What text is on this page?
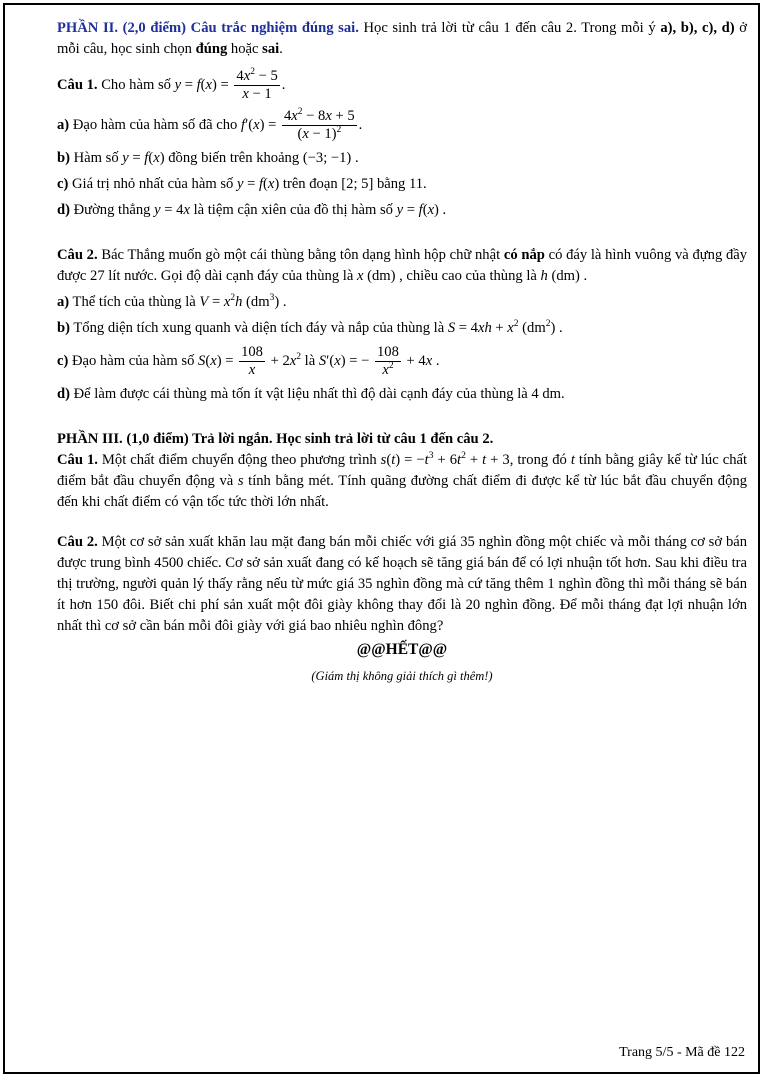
PHẦN II. (2,0 điểm) Câu trắc nghiệm đúng sai. Học sinh trả lời từ câu 1 đến câu 2. Trong mỗi ý a), b), c), d) ở mỗi câu, học sinh chọn đúng hoặc sai.

Câu 1. Cho hàm số $y = f(x) = \frac{4x^2 - 5}{x - 1}$ .

a) Đạo hàm của hàm số đã cho $f'(x) = \frac{4x^2 - 8x + 5}{(x - 1)^2}$ .

b) Hàm số y = f(x) đồng biến trên khoảng (−3; −1) .

c) Giá trị nhỏ nhất của hàm số y = f(x) trên đoạn [2; 5] bằng 11.

d) Đường thẳng y = 4x là tiệm cận xiên của đồ thị hàm số y = f(x) .

Câu 2. Bác Thắng muốn gò một cái thùng bằng tôn dạng hình hộp chữ nhật có nắp có đáy là hình vuông và đựng đầy được 27 lít nước. Gọi độ dài cạnh đáy của thùng là x (dm) , chiều cao của thùng là h (dm) .

a) Thể tích của thùng là $V = x^2h$ $(dm^3)$ .

b) Tổng diện tích xung quanh và diện tích đáy và nắp của thùng là $S = 4xh + x^2$ $(dm^2)$ .

c) Đạo hàm của hàm số $S(x) = \frac{108}{x} + 2x^2$ là S′(x) = − $\frac{108}{x^2} + 4x$ .

d) Để làm được cái thùng mà tốn ít vật liệu nhất thì độ dài cạnh đáy của thùng là 4 dm.

PHẦN III. (1,0 điểm) Trả lời ngắn. Học sinh trả lời từ câu 1 đến câu 2.

Câu 1. Một chất điểm chuyển động theo phương trình $s(t) = -t^3 + 6t^2 + t + 3$, trong đó t tính bằng giây kể từ lúc chất điểm bắt đầu chuyển động và s tính bằng mét. Tính quãng đường chất điểm đi được kể từ lúc bắt đầu chuyển động đến khi chất điểm có vận tốc tức thời lớn nhất.

Câu 2. Một cơ sở sản xuất khăn lau mặt đang bán mỗi chiếc với giá 35 nghìn đồng một chiếc và mỗi tháng cơ sở bán được trung bình 4500 chiếc. Cơ sở sản xuất đang có kế hoạch sẽ tăng giá bán để có lợi nhuận tốt hơn. Sau khi điều tra thị trường, người quản lý thấy rằng nếu từ mức giá 35 nghìn đồng mà cứ tăng thêm 1 nghìn đồng thì mỗi tháng sẽ bán ít hơn 150 đôi. Biết chi phí sản xuất một đôi giày không thay đổi là 20 nghìn đồng. Để mỗi tháng đạt lợi nhuận lớn nhất thì cơ sở cần bán mỗi đôi giày với giá bao nhiêu nghìn đông?

@@HẾT@@

(Giám thị không giải thích gì thêm!)

Trang 5/5 - Mã đề 122
